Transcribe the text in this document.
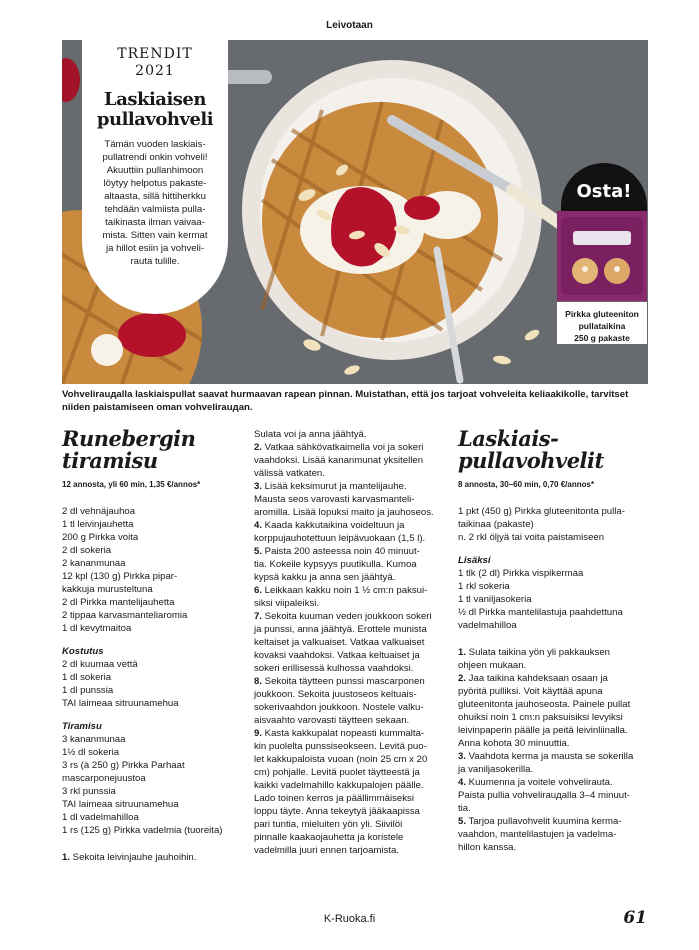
Leivotaan
TRENDIT
2021
Laskiaisen
pullavohveli
Tämän vuoden laskiais-
pullatrendi onkin vohveli!
Akuuttiin pullanhimoon
löytyy helpotus pakaste-
altaasta, sillä hittiherkku
tehdään valmiista pulla-
taikinasta ilman vaivaa-
mista. Sitten vain kermat
ja hillot esiin ja vohveli-
rauta tulille.
Osta!
Pirkka gluteeniton
pullataikina
250 g pakaste
Vohvelirauдalla laskiaispullat saavat hurmaavan rapean pinnan. Muistathan, että jos tarjoat vohveleita keliaakikolle, tarvitset
niiden paistamiseen oman vohvelirauдan.
Runebergin
tiramisu
12 annosta, yli 60 min, 1,35 €/annos*
2 dl vehnäjauhoa
1 tl leivinjauhetta
200 g Pirkka voita
2 dl sokeria
2 kananmunaa
12 kpl (130 g) Pirkka pipar-
kakkuja murusteltuna
2 dl Pirkka mantelijauhetta
2 tippaa karvasmanteliaromia
1 dl kevytmaitoa
Kostutus
2 dl kuumaa vettä
1 dl sokeria
1 dl punssia
TAI laimeaa sitruunamehua
Tiramisu
3 kananmunaa
1½ dl sokeria
3 rs (à 250 g) Pirkka Parhaat
mascarponejuustoa
3 rkl punssia
TAI laimeaa sitruunamehua
1 dl vadelmahilloa
1 rs (125 g) Pirkka vadelmia (tuoreita)
1. Sekoita leivinjauhe jauhoihin.
Sulata voi ja anna jäähtyä.
2. Vatkaa sähkövatkaimella voi ja sokeri
vaahdoksi. Lisää kananmunat yksitellen
välissä vatkaten.
3. Lisää keksimurut ja mantelijauhe.
Mausta seos varovasti karvasmanteli-
aromilla. Lisää lopuksi maito ja jauhoseos.
4. Kaada kakkutaikina voideltuun ja
korppujauhotettuun leipävuokaan (1,5 l).
5. Paista 200 asteessa noin 40 minuut-
tia. Kokeile kypsyys puutikulla. Kumoa
kypsä kakku ja anna sen jäähtyä.
6. Leikkaan kakku noin 1 ½ cm:n paksui-
siksi viipaleiksi.
7. Sekoita kuuman veden joukkoon sokeri
ja punssi, anna jäähtyä. Erottele munista
keltaiset ja valkuaiset. Vatkaa valkuaiset
kovaksi vaahdoksi. Vatkaa keltuaiset ja
sokeri erillisessä kulhossa vaahdoksi.
8. Sekoita täytteen punssi mascarponen
joukkoon. Sekoita juustoseos keltuais-
sokerivaahdon joukkoon. Nostele valku-
aisvaahto varovasti täytteen sekaan.
9. Kasta kakkupalat nopeasti kummalta-
kin puolelta punssiseokseen. Levitä puo-
let kakkupaloista vuoan (noin 25 cm x 20
cm) pohjalle. Levitä puolet täytteestä ja
kaikki vadelmahillo kakkupalojen päälle.
Lado toinen kerros ja päällimmäiseksi
loppu täyte. Anna tekeytyä jääkaapissa
pari tuntia, mieluiten yön yli. Siivilöi
pinnalle kaakaojauhetta ja koristele
vadelmilla juuri ennen tarjoamista.
Laskiais-
pullavohvelit
8 annosta, 30–60 min, 0,70 €/annos*
1 pkt (450 g) Pirkka gluteenitonta pulla-
taikinaa (pakaste)
n. 2 rkl öljyä tai voita paistamiseen
Lisäksi
1 tlk (2 dl) Pirkka vispikermaa
1 rkl sokeria
1 tl vaniljasokeria
½ dl Pirkka mantelilastuja paahdettuna
vadelmahilloa
1. Sulata taikina yön yli pakkauksen
ohjeen mukaan.
2. Jaa taikina kahdeksaan osaan ja
pyöritä pulliksi. Voit käyttää apuna
gluteenitonta jauhoseosta. Painele pullat
ohuiksi noin 1 cm:n paksuisiksi levyiksi
leivinpaperin päälle ja peitä leivinliinalla.
Anna kohota 30 minuuttia.
3. Vaahdota kerma ja mausta se sokerilla
ja vaniljasokerilla.
4. Kuumenna ja voitele vohvelirauta.
Paista pullia vohvelirauдalla 3–4 minuut-
tia.
5. Tarjoa pullavohvelit kuumina kerma-
vaahdon, mantelilastujen ja vadelma-
hillon kanssa.
K-Ruoka.fi	61
